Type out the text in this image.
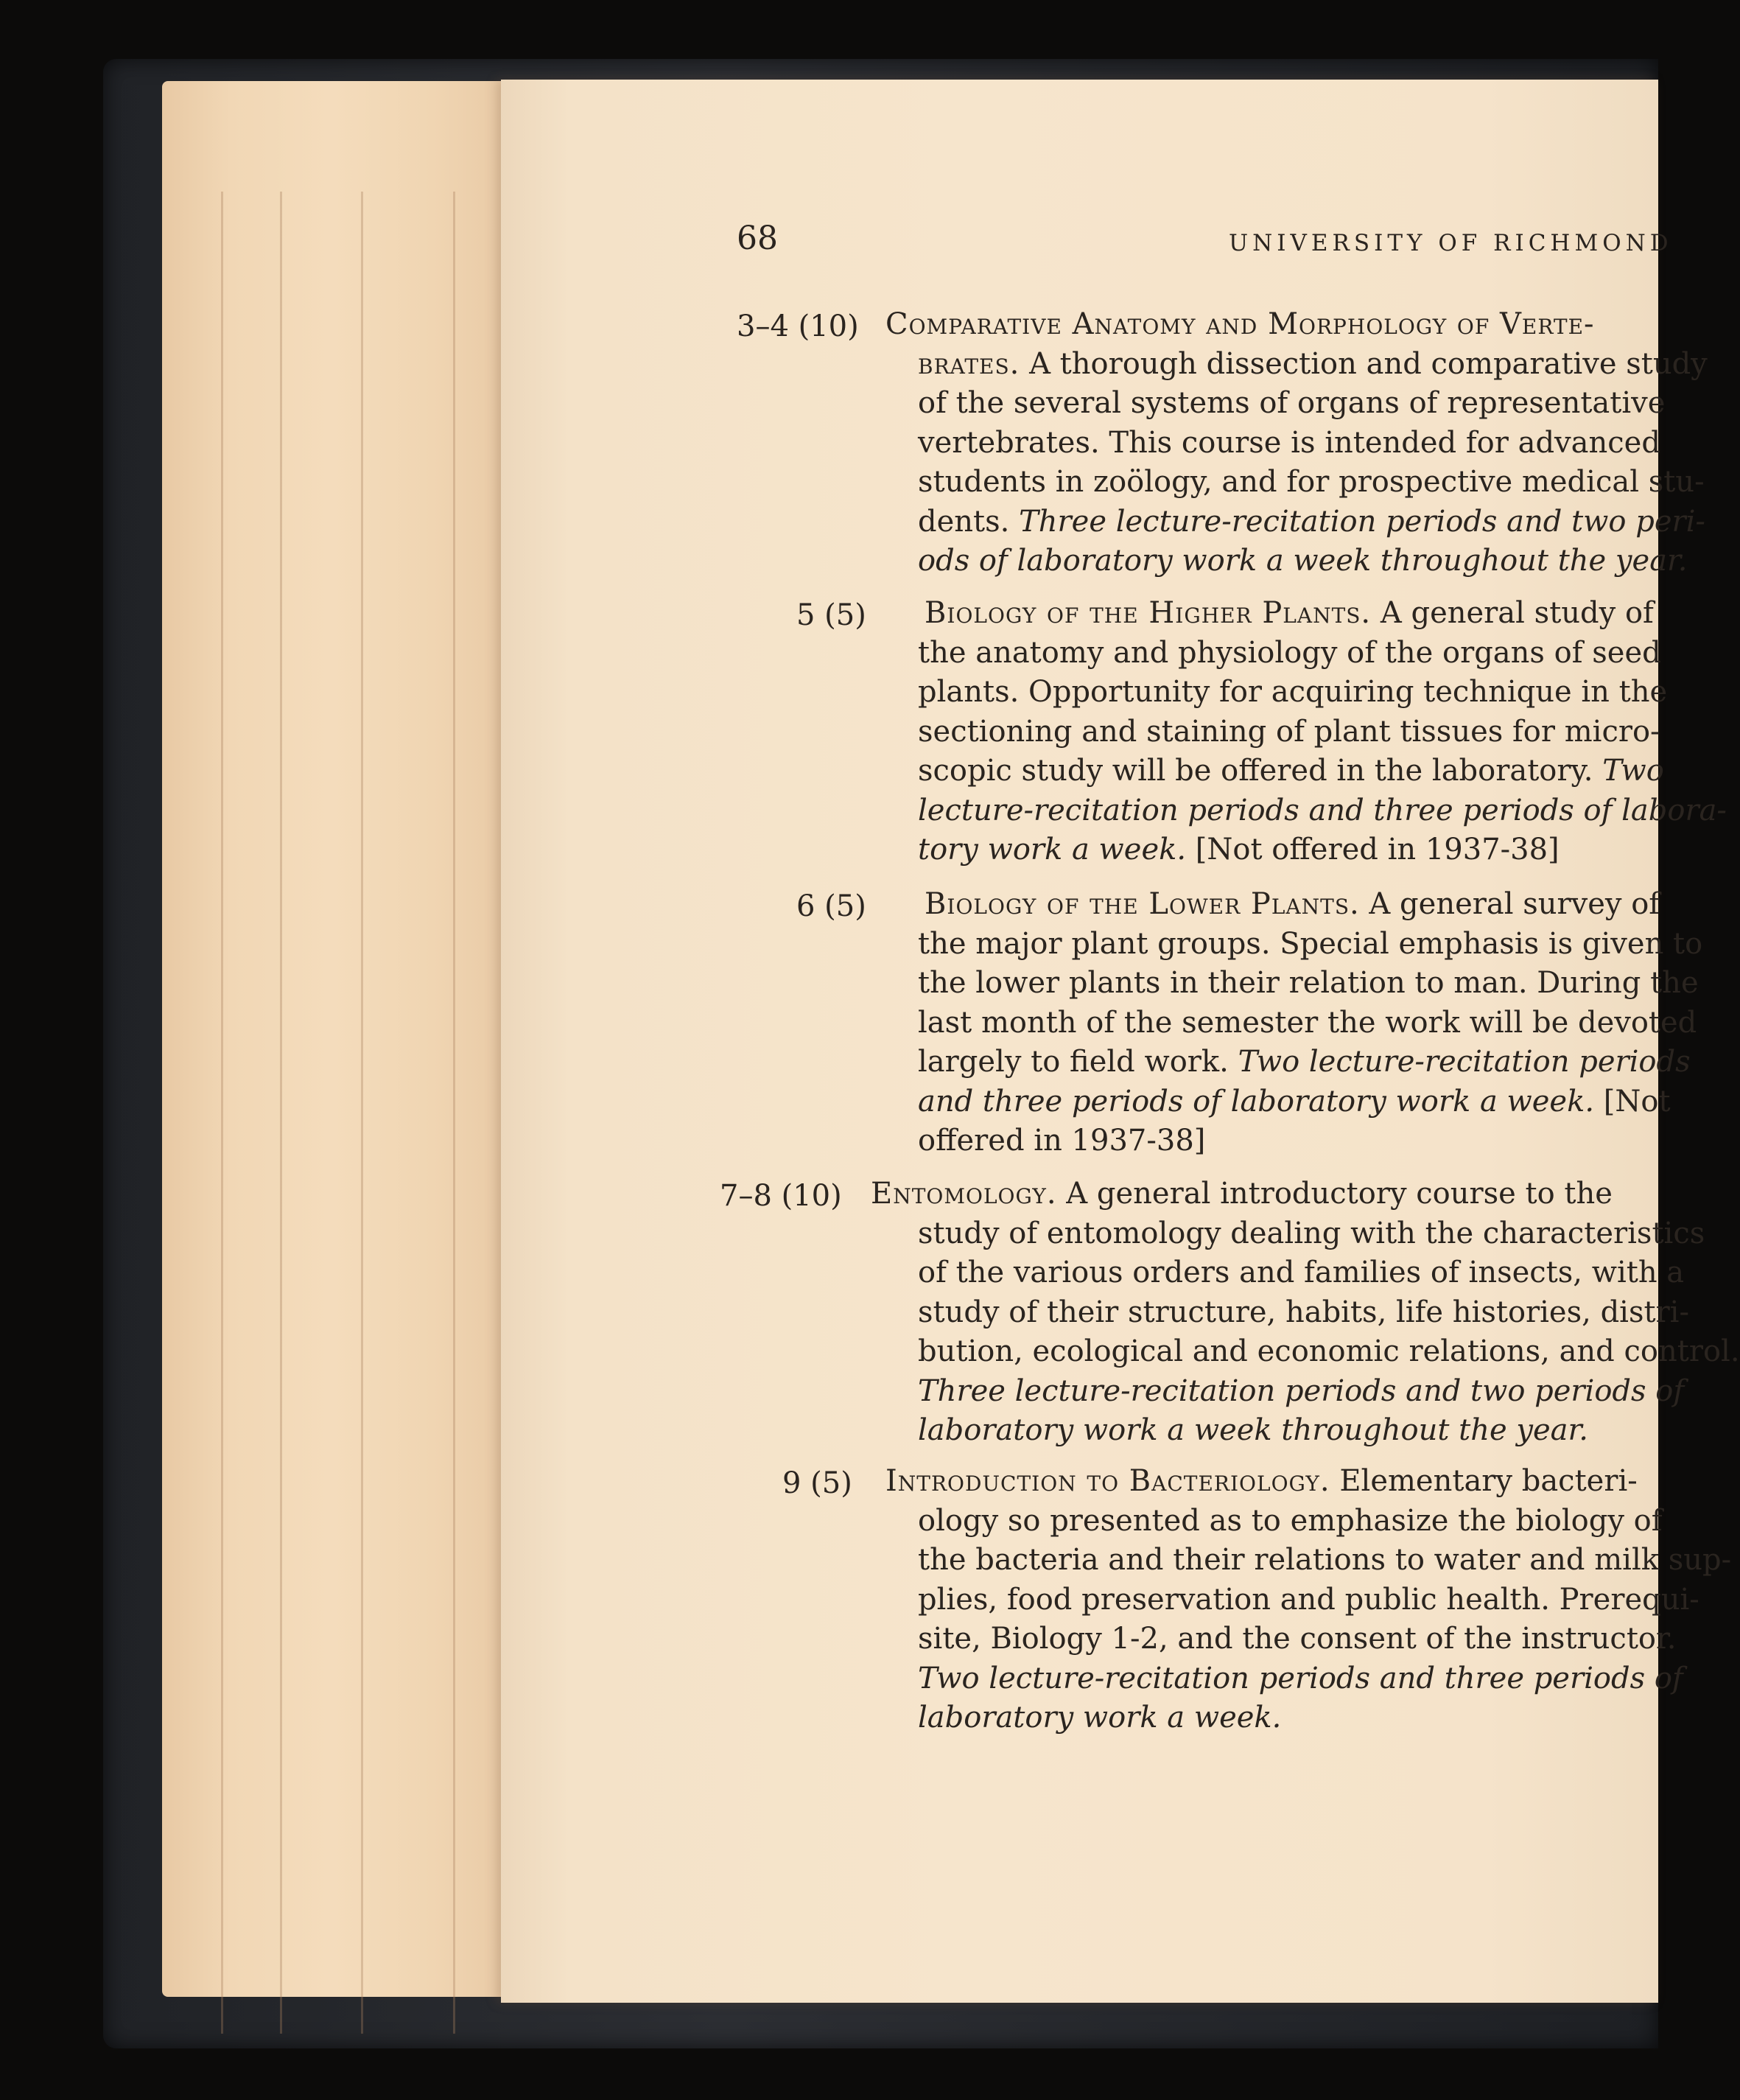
68	UNIVERSITY OF RICHMOND
3–4 (10) Comparative Anatomy and Morphology of Verte-
brates. A thorough dissection and comparative study
of the several systems of organs of representative
vertebrates. This course is intended for advanced
students in zoölogy, and for prospective medical stu-
dents. Three lecture-recitation periods and two peri-
ods of laboratory work a week throughout the year.
5 (5) Biology of the Higher Plants. A general study of
the anatomy and physiology of the organs of seed
plants. Opportunity for acquiring technique in the
sectioning and staining of plant tissues for micro-
scopic study will be offered in the laboratory. Two
lecture-recitation periods and three periods of labora-
tory work a week. [Not offered in 1937-38]
6 (5) Biology of the Lower Plants. A general survey of
the major plant groups. Special emphasis is given to
the lower plants in their relation to man. During the
last month of the semester the work will be devoted
largely to field work. Two lecture-recitation periods
and three periods of laboratory work a week. [Not
offered in 1937-38]
7–8 (10) Entomology. A general introductory course to the
study of entomology dealing with the characteristics
of the various orders and families of insects, with a
study of their structure, habits, life histories, distri-
bution, ecological and economic relations, and control.
Three lecture-recitation periods and two periods of
laboratory work a week throughout the year.
9 (5) Introduction to Bacteriology. Elementary bacteri-
ology so presented as to emphasize the biology of
the bacteria and their relations to water and milk sup-
plies, food preservation and public health. Prerequi-
site, Biology 1-2, and the consent of the instructor.
Two lecture-recitation periods and three periods of
laboratory work a week.
